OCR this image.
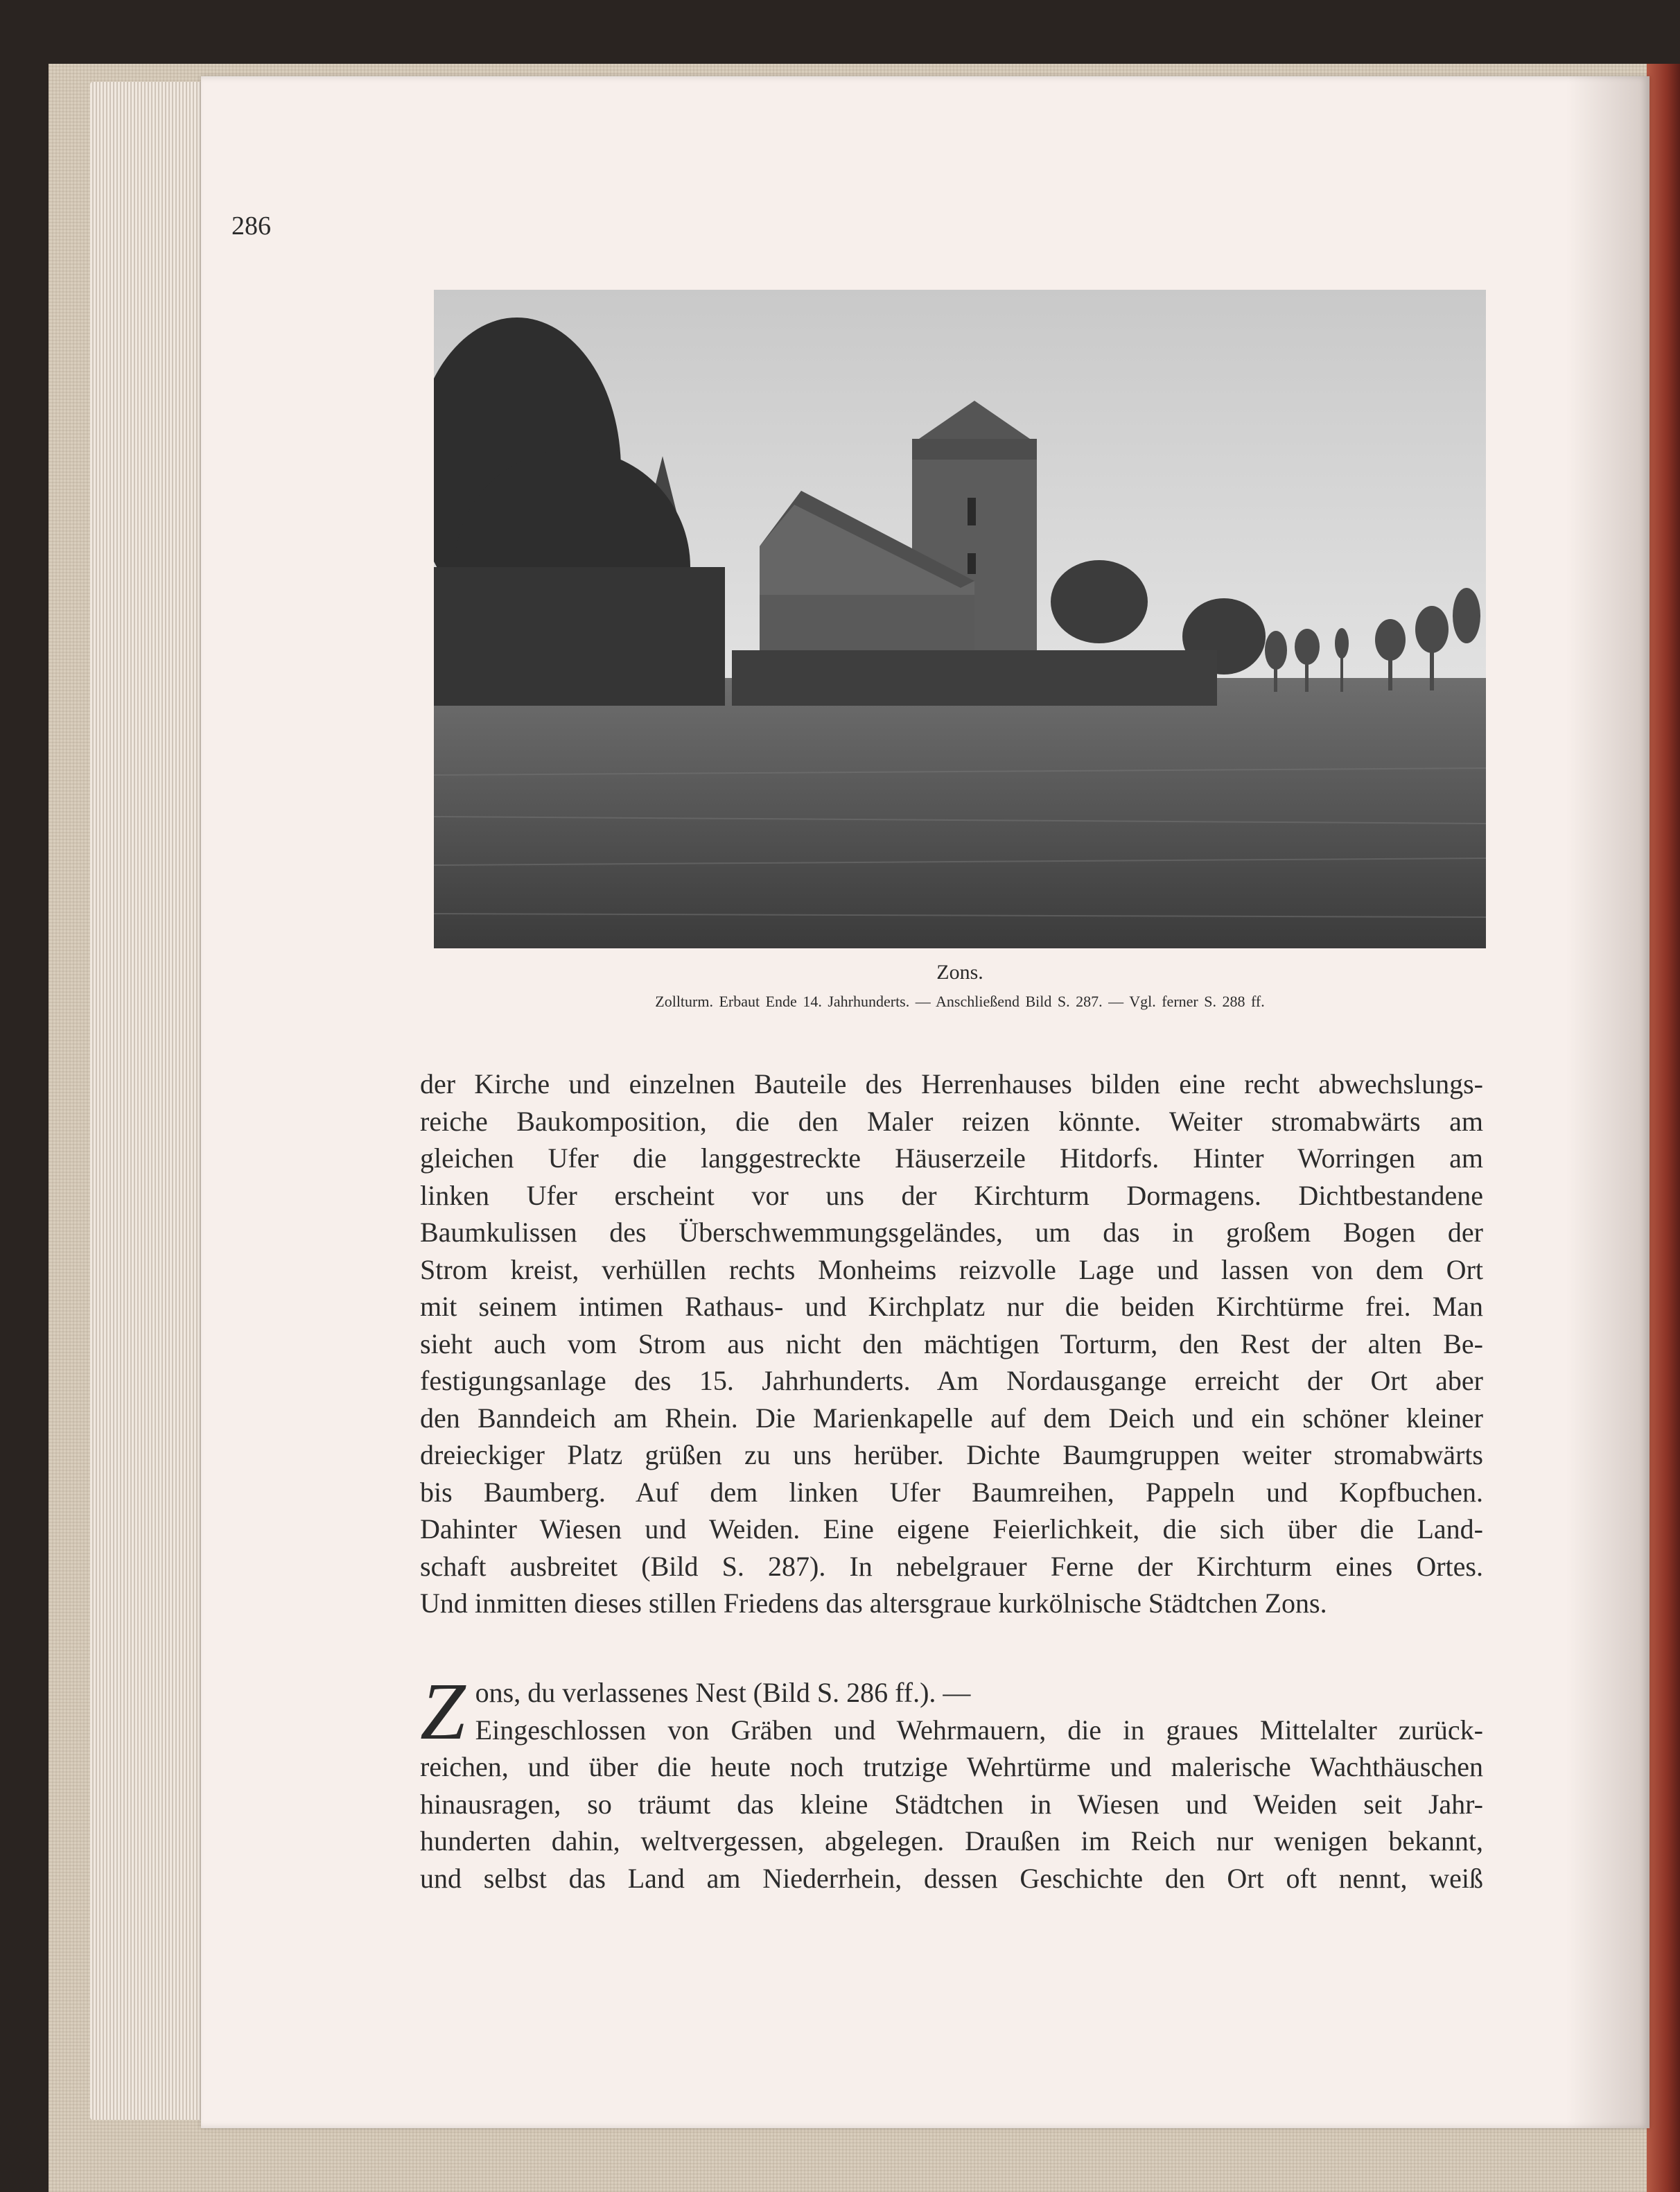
286
Zons.
Zollturm. Erbaut Ende 14. Jahrhunderts. — Anschließend Bild S. 287. — Vgl. ferner S. 288 ff.
der Kirche und einzelnen Bauteile des Herrenhauses bilden eine recht abwechslungs-
reiche Baukomposition, die den Maler reizen könnte. Weiter stromabwärts am
gleichen Ufer die langgestreckte Häuserzeile Hitdorfs. Hinter Worringen am
linken Ufer erscheint vor uns der Kirchturm Dormagens. Dichtbestandene
Baumkulissen des Überschwemmungsgeländes, um das in großem Bogen der
Strom kreist, verhüllen rechts Monheims reizvolle Lage und lassen von dem Ort
mit seinem intimen Rathaus- und Kirchplatz nur die beiden Kirchtürme frei. Man
sieht auch vom Strom aus nicht den mächtigen Torturm, den Rest der alten Be-
festigungsanlage des 15. Jahrhunderts. Am Nordausgange erreicht der Ort aber
den Banndeich am Rhein. Die Marienkapelle auf dem Deich und ein schöner kleiner
dreieckiger Platz grüßen zu uns herüber. Dichte Baumgruppen weiter stromabwärts
bis Baumberg. Auf dem linken Ufer Baumreihen, Pappeln und Kopfbuchen.
Dahinter Wiesen und Weiden. Eine eigene Feierlichkeit, die sich über die Land-
schaft ausbreitet (Bild S. 287). In nebelgrauer Ferne der Kirchturm eines Ortes.
Und inmitten dieses stillen Friedens das altersgraue kurkölnische Städtchen Zons.
Z ons, du verlassenes Nest (Bild S. 286 ff.). —
Eingeschlossen von Gräben und Wehrmauern, die in graues Mittelalter zurück-
reichen, und über die heute noch trutzige Wehrtürme und malerische Wachthäuschen
hinausragen, so träumt das kleine Städtchen in Wiesen und Weiden seit Jahr-
hunderten dahin, weltvergessen, abgelegen. Draußen im Reich nur wenigen bekannt,
und selbst das Land am Niederrhein, dessen Geschichte den Ort oft nennt, weiß
